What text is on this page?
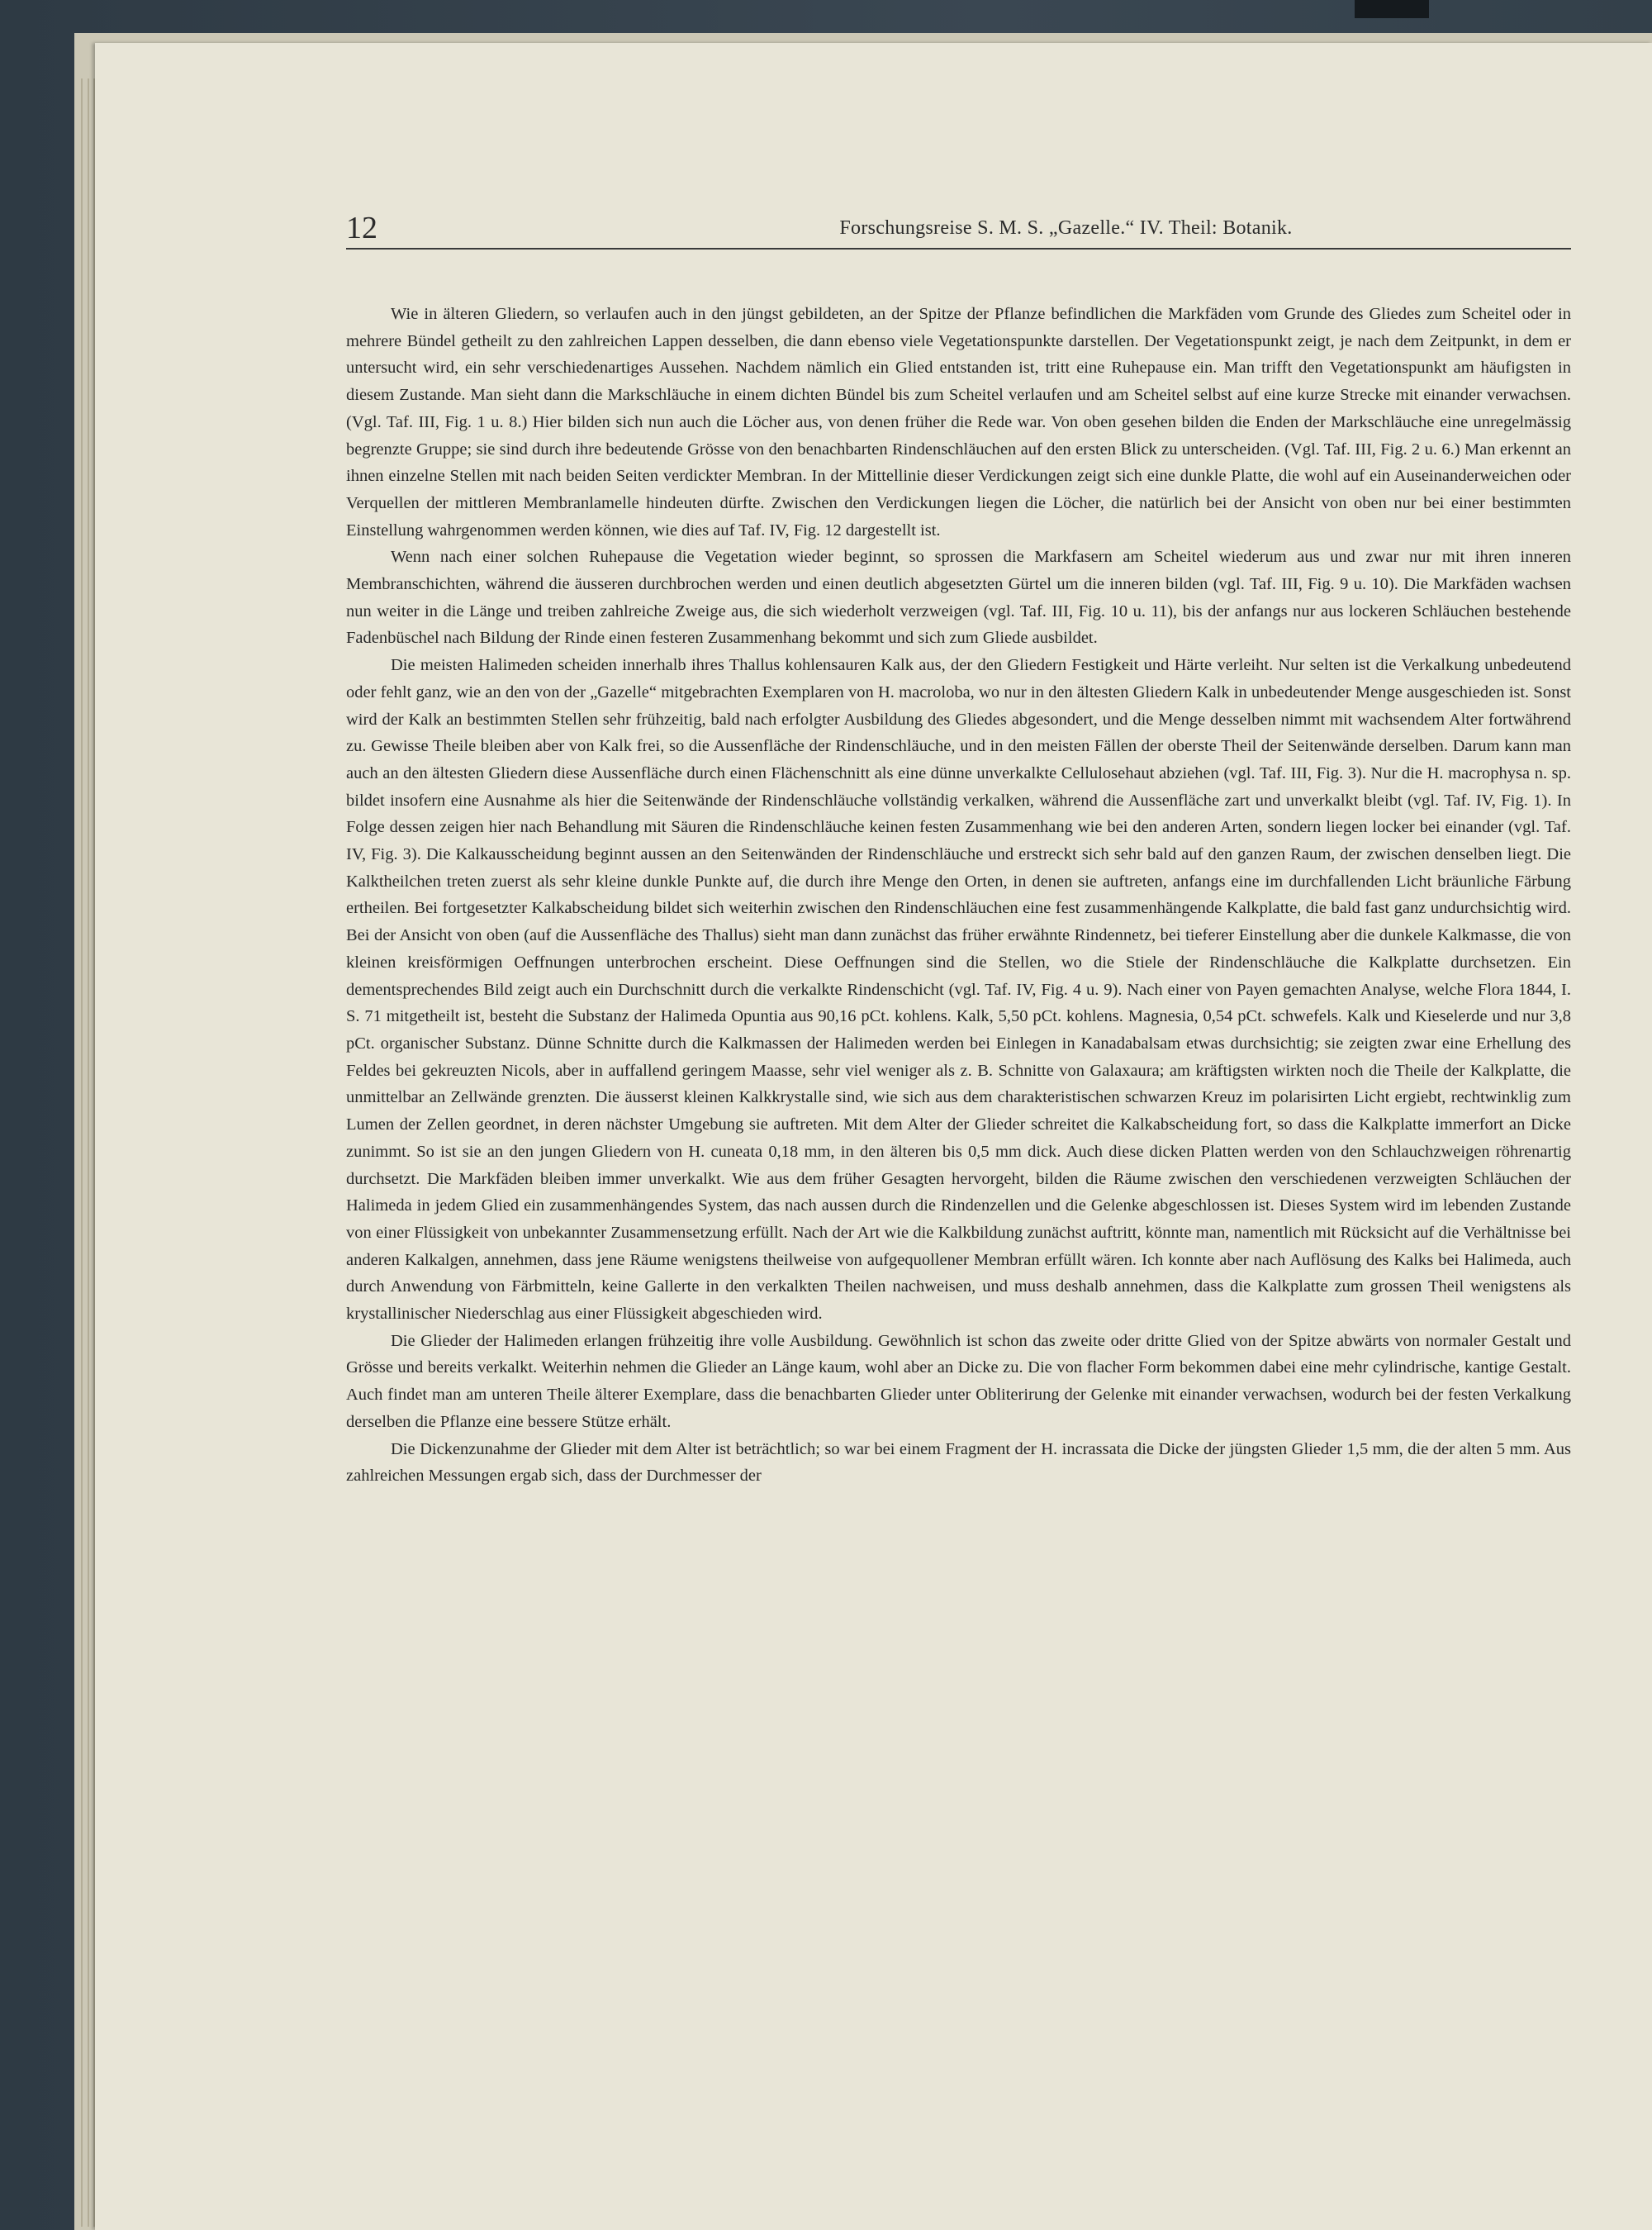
12	Forschungsreise S. M. S. „Gazelle.“ IV. Theil: Botanik.

Wie in älteren Gliedern, so verlaufen auch in den jüngst gebildeten, an der Spitze der Pflanze befindlichen die Markfäden vom Grunde des Gliedes zum Scheitel oder in mehrere Bündel getheilt zu den zahlreichen Lappen desselben, die dann ebenso viele Vegetationspunkte darstellen. Der Vegetationspunkt zeigt, je nach dem Zeitpunkt, in dem er untersucht wird, ein sehr verschiedenartiges Aussehen. Nachdem nämlich ein Glied entstanden ist, tritt eine Ruhepause ein. Man trifft den Vegetationspunkt am häufigsten in diesem Zustande. Man sieht dann die Markschläuche in einem dichten Bündel bis zum Scheitel verlaufen und am Scheitel selbst auf eine kurze Strecke mit einander verwachsen. (Vgl. Taf. III, Fig. 1 u. 8.) Hier bilden sich nun auch die Löcher aus, von denen früher die Rede war. Von oben gesehen bilden die Enden der Markschläuche eine unregelmässig begrenzte Gruppe; sie sind durch ihre bedeutende Grösse von den benachbarten Rindenschläuchen auf den ersten Blick zu unterscheiden. (Vgl. Taf. III, Fig. 2 u. 6.) Man erkennt an ihnen einzelne Stellen mit nach beiden Seiten verdickter Membran. In der Mittellinie dieser Verdickungen zeigt sich eine dunkle Platte, die wohl auf ein Auseinanderweichen oder Verquellen der mittleren Membranlamelle hindeuten dürfte. Zwischen den Verdickungen liegen die Löcher, die natürlich bei der Ansicht von oben nur bei einer bestimmten Einstellung wahrgenommen werden können, wie dies auf Taf. IV, Fig. 12 dargestellt ist.

Wenn nach einer solchen Ruhepause die Vegetation wieder beginnt, so sprossen die Markfasern am Scheitel wiederum aus und zwar nur mit ihren inneren Membranschichten, während die äusseren durchbrochen werden und einen deutlich abgesetzten Gürtel um die inneren bilden (vgl. Taf. III, Fig. 9 u. 10). Die Markfäden wachsen nun weiter in die Länge und treiben zahlreiche Zweige aus, die sich wiederholt verzweigen (vgl. Taf. III, Fig. 10 u. 11), bis der anfangs nur aus lockeren Schläuchen bestehende Fadenbüschel nach Bildung der Rinde einen festeren Zusammenhang bekommt und sich zum Gliede ausbildet.

Die meisten Halimeden scheiden innerhalb ihres Thallus kohlensauren Kalk aus, der den Gliedern Festigkeit und Härte verleiht. Nur selten ist die Verkalkung unbedeutend oder fehlt ganz, wie an den von der „Gazelle“ mitgebrachten Exemplaren von H. macroloba, wo nur in den ältesten Gliedern Kalk in unbedeutender Menge ausgeschieden ist. Sonst wird der Kalk an bestimmten Stellen sehr frühzeitig, bald nach erfolgter Ausbildung des Gliedes abgesondert, und die Menge desselben nimmt mit wachsendem Alter fortwährend zu. Gewisse Theile bleiben aber von Kalk frei, so die Aussenfläche der Rindenschläuche, und in den meisten Fällen der oberste Theil der Seitenwände derselben. Darum kann man auch an den ältesten Gliedern diese Aussenfläche durch einen Flächenschnitt als eine dünne unverkalkte Cellulosehaut abziehen (vgl. Taf. III, Fig. 3). Nur die H. macrophysa n. sp. bildet insofern eine Ausnahme als hier die Seitenwände der Rindenschläuche vollständig verkalken, während die Aussenfläche zart und unverkalkt bleibt (vgl. Taf. IV, Fig. 1). In Folge dessen zeigen hier nach Behandlung mit Säuren die Rindenschläuche keinen festen Zusammenhang wie bei den anderen Arten, sondern liegen locker bei einander (vgl. Taf. IV, Fig. 3). Die Kalkausscheidung beginnt aussen an den Seitenwänden der Rindenschläuche und erstreckt sich sehr bald auf den ganzen Raum, der zwischen denselben liegt. Die Kalktheilchen treten zuerst als sehr kleine dunkle Punkte auf, die durch ihre Menge den Orten, in denen sie auftreten, anfangs eine im durchfallenden Licht bräunliche Färbung ertheilen. Bei fortgesetzter Kalkabscheidung bildet sich weiterhin zwischen den Rindenschläuchen eine fest zusammenhängende Kalkplatte, die bald fast ganz undurchsichtig wird. Bei der Ansicht von oben (auf die Aussenfläche des Thallus) sieht man dann zunächst das früher erwähnte Rindennetz, bei tieferer Einstellung aber die dunkele Kalkmasse, die von kleinen kreisförmigen Oeffnungen unterbrochen erscheint. Diese Oeffnungen sind die Stellen, wo die Stiele der Rindenschläuche die Kalkplatte durchsetzen. Ein dementsprechendes Bild zeigt auch ein Durchschnitt durch die verkalkte Rindenschicht (vgl. Taf. IV, Fig. 4 u. 9). Nach einer von Payen gemachten Analyse, welche Flora 1844, I. S. 71 mitgetheilt ist, besteht die Substanz der Halimeda Opuntia aus 90,16 pCt. kohlens. Kalk, 5,50 pCt. kohlens. Magnesia, 0,54 pCt. schwefels. Kalk und Kieselerde und nur 3,8 pCt. organischer Substanz. Dünne Schnitte durch die Kalkmassen der Halimeden werden bei Einlegen in Kanadabalsam etwas durchsichtig; sie zeigten zwar eine Erhellung des Feldes bei gekreuzten Nicols, aber in auffallend geringem Maasse, sehr viel weniger als z. B. Schnitte von Galaxaura; am kräftigsten wirkten noch die Theile der Kalkplatte, die unmittelbar an Zellwände grenzten. Die äusserst kleinen Kalkkrystalle sind, wie sich aus dem charakteristischen schwarzen Kreuz im polarisirten Licht ergiebt, rechtwinklig zum Lumen der Zellen geordnet, in deren nächster Umgebung sie auftreten. Mit dem Alter der Glieder schreitet die Kalkabscheidung fort, so dass die Kalkplatte immerfort an Dicke zunimmt. So ist sie an den jungen Gliedern von H. cuneata 0,18 mm, in den älteren bis 0,5 mm dick. Auch diese dicken Platten werden von den Schlauchzweigen röhrenartig durchsetzt. Die Markfäden bleiben immer unverkalkt. Wie aus dem früher Gesagten hervorgeht, bilden die Räume zwischen den verschiedenen verzweigten Schläuchen der Halimeda in jedem Glied ein zusammenhängendes System, das nach aussen durch die Rindenzellen und die Gelenke abgeschlossen ist. Dieses System wird im lebenden Zustande von einer Flüssigkeit von unbekannter Zusammensetzung erfüllt. Nach der Art wie die Kalkbildung zunächst auftritt, könnte man, namentlich mit Rücksicht auf die Verhältnisse bei anderen Kalkalgen, annehmen, dass jene Räume wenigstens theilweise von aufgequollener Membran erfüllt wären. Ich konnte aber nach Auflösung des Kalks bei Halimeda, auch durch Anwendung von Färbmitteln, keine Gallerte in den verkalkten Theilen nachweisen, und muss deshalb annehmen, dass die Kalkplatte zum grossen Theil wenigstens als krystallinischer Niederschlag aus einer Flüssigkeit abgeschieden wird.

Die Glieder der Halimeden erlangen frühzeitig ihre volle Ausbildung. Gewöhnlich ist schon das zweite oder dritte Glied von der Spitze abwärts von normaler Gestalt und Grösse und bereits verkalkt. Weiterhin nehmen die Glieder an Länge kaum, wohl aber an Dicke zu. Die von flacher Form bekommen dabei eine mehr cylindrische, kantige Gestalt. Auch findet man am unteren Theile älterer Exemplare, dass die benachbarten Glieder unter Obliterirung der Gelenke mit einander verwachsen, wodurch bei der festen Verkalkung derselben die Pflanze eine bessere Stütze erhält.

Die Dickenzunahme der Glieder mit dem Alter ist beträchtlich; so war bei einem Fragment der H. incrassata die Dicke der jüngsten Glieder 1,5 mm, die der alten 5 mm. Aus zahlreichen Messungen ergab sich, dass der Durchmesser der
